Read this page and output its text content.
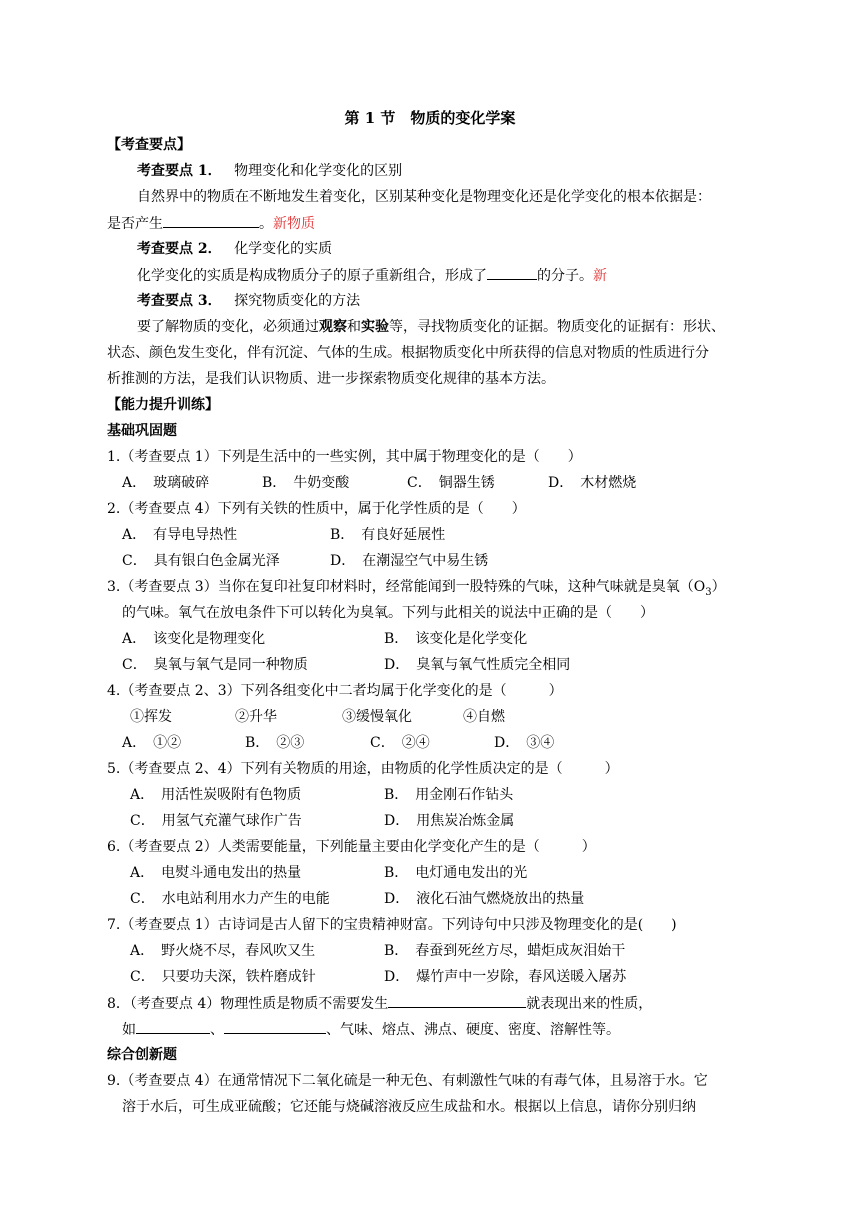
第 1 节　物质的变化学案
【考查要点】
考查要点 1． 物理变化和化学变化的区别
自然界中的物质在不断地发生着变化，区别某种变化是物理变化还是化学变化的根本依据是：
是否产生	。新物质
考查要点 2． 化学变化的实质
化学变化的实质是构成物质分子的原子重新组合，形成了	的分子。新
考查要点 3． 探究物质变化的方法
要了解物质的变化，必须通过观察和实验等，寻找物质变化的证据。物质变化的证据有：形状、
状态、颜色发生变化，伴有沉淀、气体的生成。根据物质变化中所获得的信息对物质的性质进行分
析推测的方法，是我们认识物质、进一步探索物质变化规律的基本方法。
【能力提升训练】
基础巩固题
1.（考查要点 1）下列是生活中的一些实例，其中属于物理变化的是（　　）
A．　玻璃破碎	B．　牛奶变酸	C．　铜器生锈	D．　木材燃烧
2.（考查要点 4）下列有关铁的性质中，属于化学性质的是（　　）
A．　有导电导热性	B．　有良好延展性
C．　具有银白色金属光泽	D．　在潮湿空气中易生锈
3.（考查要点 3）当你在复印社复印材料时，经常能闻到一股特殊的气味，这种气味就是臭氧$(O_3)$
的气味。氧气在放电条件下可以转化为臭氧。下列与此相关的说法中正确的是（　　）
A．　该变化是物理变化	B．　该变化是化学变化
C．　臭氧与氧气是同一种物质	D．　臭氧与氧气性质完全相同
4.（考查要点 2、3）下列各组变化中二者均属于化学变化的是（　　　）
①挥发	②升华	③缓慢氧化	④自燃
A．　①②	B．　②③	C．　②④	D．　③④
5.（考查要点 2、4）下列有关物质的用途，由物质的化学性质决定的是（　　　）
A．　用活性炭吸附有色物质	B．　用金刚石作钻头
C．　用氢气充灌气球作广告	D．　用焦炭冶炼金属
6.（考查要点 2）人类需要能量，下列能量主要由化学变化产生的是（　　　）
A．　电熨斗通电发出的热量	B．　电灯通电发出的光
C．　水电站利用水力产生的电能	D．　液化石油气燃烧放出的热量
7.（考查要点 1）古诗词是古人留下的宝贵精神财富。下列诗句中只涉及物理变化的是(　　)
A．　野火烧不尽，春风吹又生	B．　春蚕到死丝方尽，蜡炬成灰泪始干
C．　只要功夫深，铁杵磨成针	D．　爆竹声中一岁除，春风送暖入屠苏
8．（考查要点 4）物理性质是物质不需要发生	就表现出来的性质，
如	、	、气味、熔点、沸点、硬度、密度、溶解性等。
综合创新题
9.（考查要点 4）在通常情况下二氧化硫是一种无色、有刺激性气味的有毒气体，且易溶于水。它
溶于水后，可生成亚硫酸；它还能与烧碱溶液反应生成盐和水。根据以上信息，请你分别归纳
